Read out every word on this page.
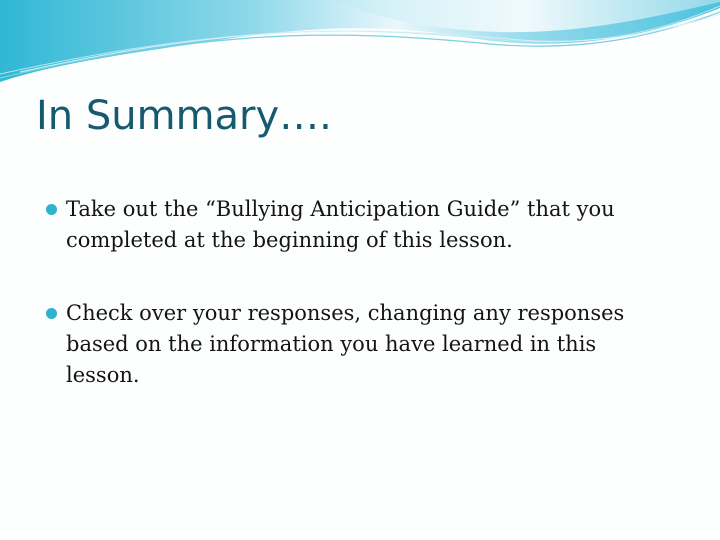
In Summary….
Take out the “Bullying Anticipation Guide” that you completed at the beginning of this lesson.
Check over your responses, changing any responses based on the information you have learned in this lesson.
